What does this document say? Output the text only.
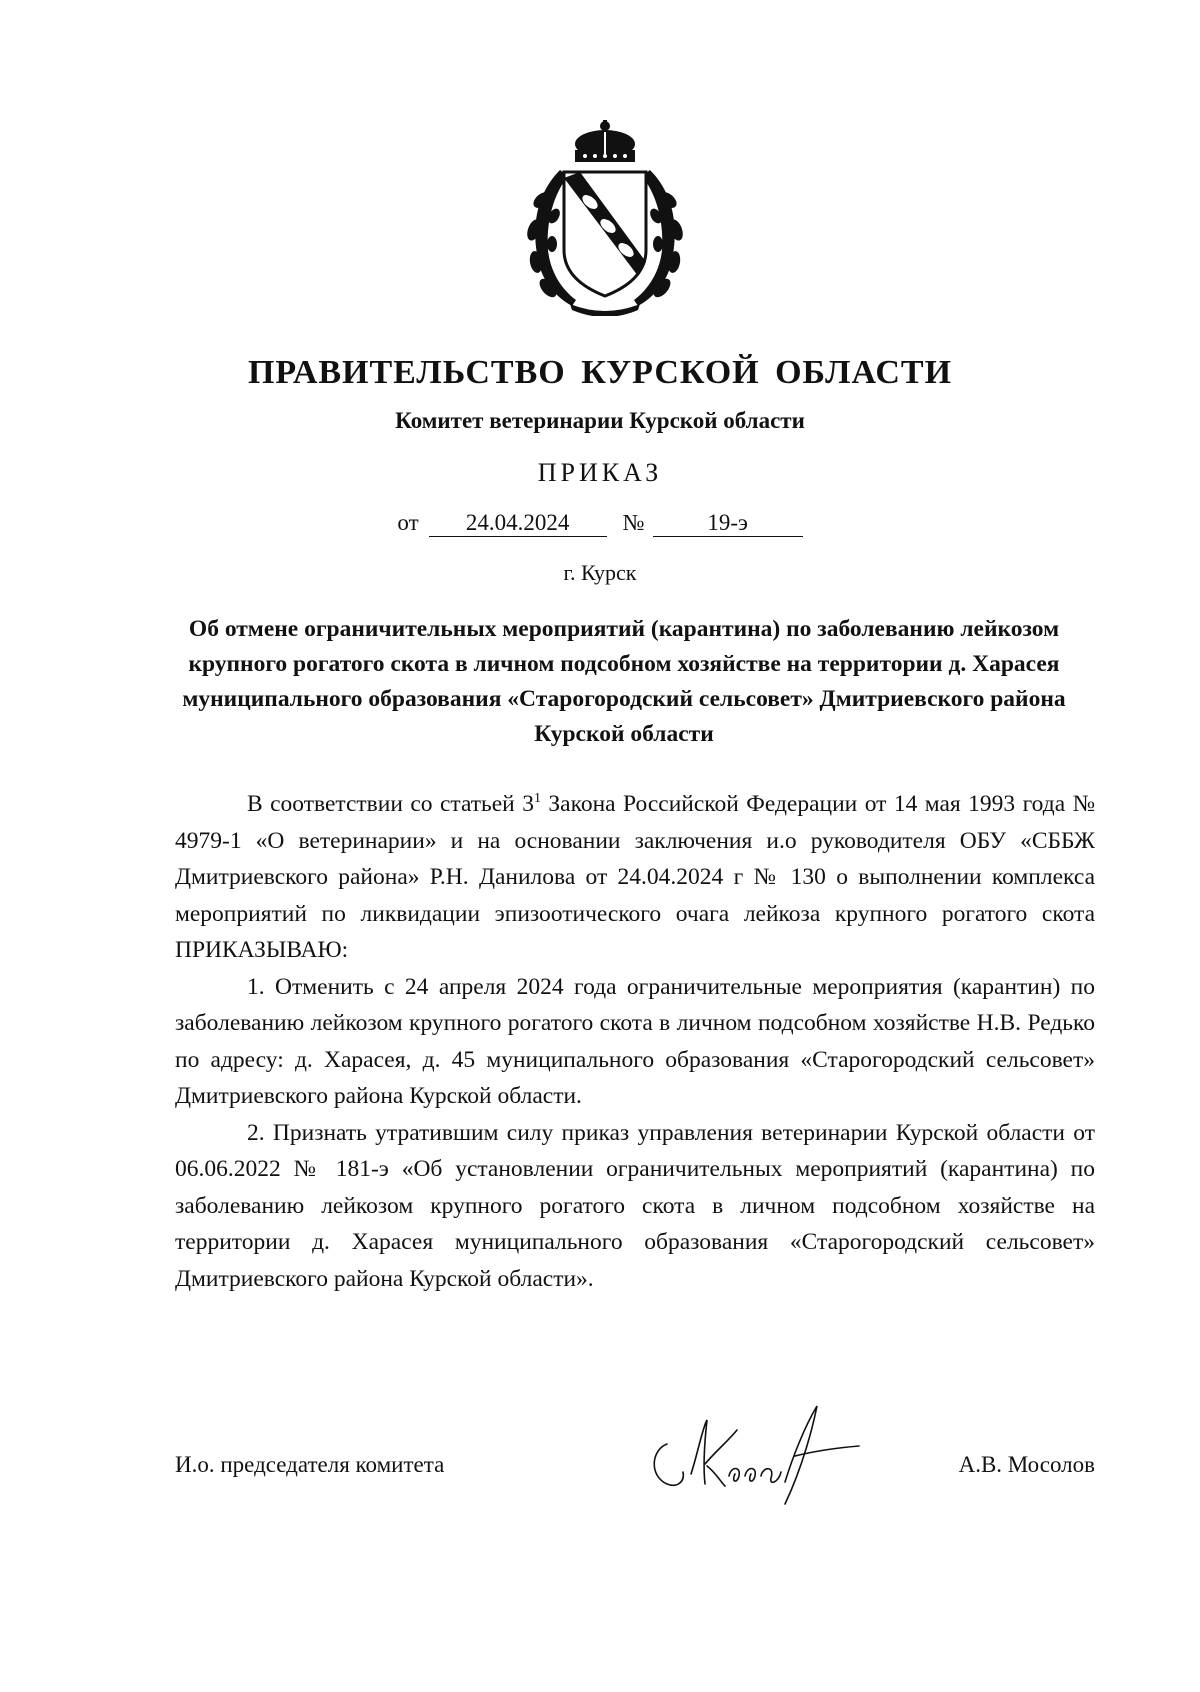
ПРАВИТЕЛЬСТВО КУРСКОЙ ОБЛАСТИ
Комитет ветеринарии Курской области
ПРИКАЗ
от 24.04.2024 №	19-э
г. Курск
Об отмене ограничительных мероприятий (карантина) по заболеванию лейкозом крупного рогатого скота в личном подсобном хозяйстве на территории д. Харасея муниципального образования «Старогородский сельсовет» Дмитриевского района Курской области

В соответствии со статьей $3^1$ Закона Российской Федерации от 14 мая 1993 года № 4979-1 «О ветеринарии» и на основании заключения и.о руководителя ОБУ «СББЖ Дмитриевского района» Р.Н. Данилова от 24.04.2024 г № 130 о выполнении комплекса мероприятий по ликвидации эпизоотического очага лейкоза крупного рогатого скота ПРИКАЗЫВАЮ:

1. Отменить с 24 апреля 2024 года ограничительные мероприятия (карантин) по заболеванию лейкозом крупного рогатого скота в личном подсобном хозяйстве Н.В. Редько по адресу: д. Харасея, д. 45 муниципального образования «Старогородский сельсовет» Дмитриевского района Курской области.

2. Признать утратившим силу приказ управления ветеринарии Курской области от 06.06.2022 № 181-э «Об установлении ограничительных мероприятий (карантина) по заболеванию лейкозом крупного рогатого скота в личном подсобном хозяйстве на территории д. Харасея муниципального образования «Старогородский сельсовет» Дмитриевского района Курской области».

И.о. председателя комитета	А.В. Мосолов
